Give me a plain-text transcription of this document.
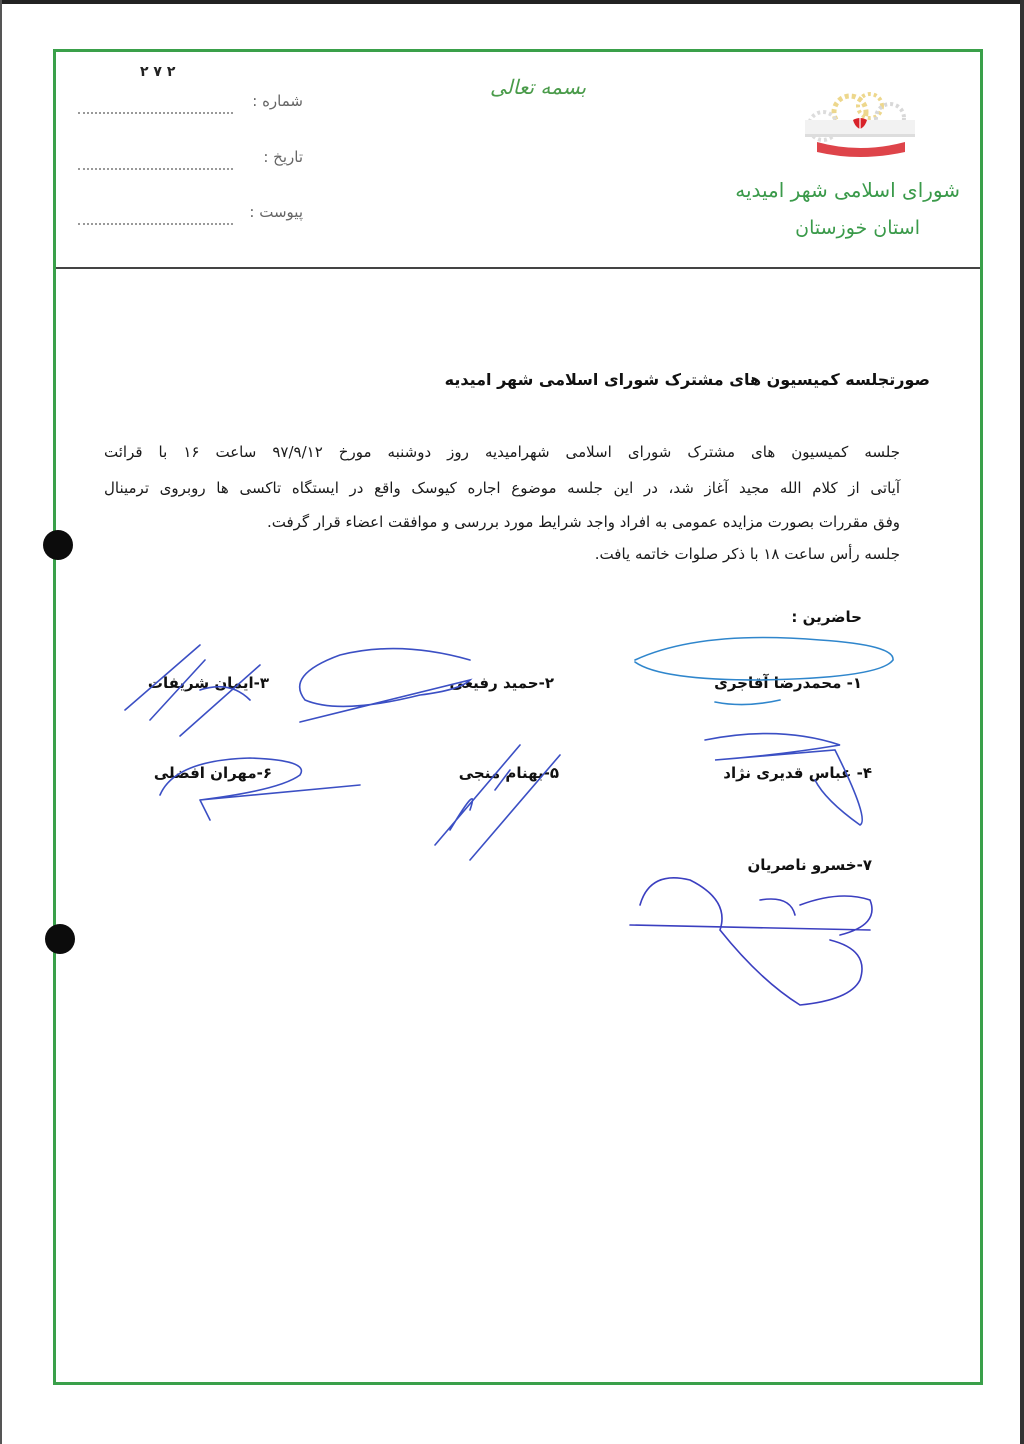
٢ ٧ ٢
بسمه تعالی
شماره :
تاریخ :
پیوست :
شورای اسلامی شهر امیدیه
استان خوزستان
صورتجلسه کمیسیون های مشترک شورای اسلامی شهر امیدیه
جلسه کمیسیون های مشترک شورای اسلامی شهرامیدیه روز دوشنبه مورخ ۹۷/۹/۱۲ ساعت ۱۶ با قرائت
آیاتی از کلام الله مجید آغاز شد، در این جلسه موضوع اجاره کیوسک واقع در ایستگاه تاکسی ها روبروی ترمینال
وفق مقررات بصورت مزایده عمومی به افراد واجد شرایط مورد بررسی و موافقت اعضاء قرار گرفت.
جلسه رأس ساعت ۱۸ با ذکر صلوات خاتمه یافت.
حاضرین :
۱- محمدرضا آقاجری
۲-حمید رفیعی
۳-ایمان شریفات
۴- عباس قدیری نژاد
۵-بهنام منجی
۶-مهران افضلی
۷-خسرو ناصریان
